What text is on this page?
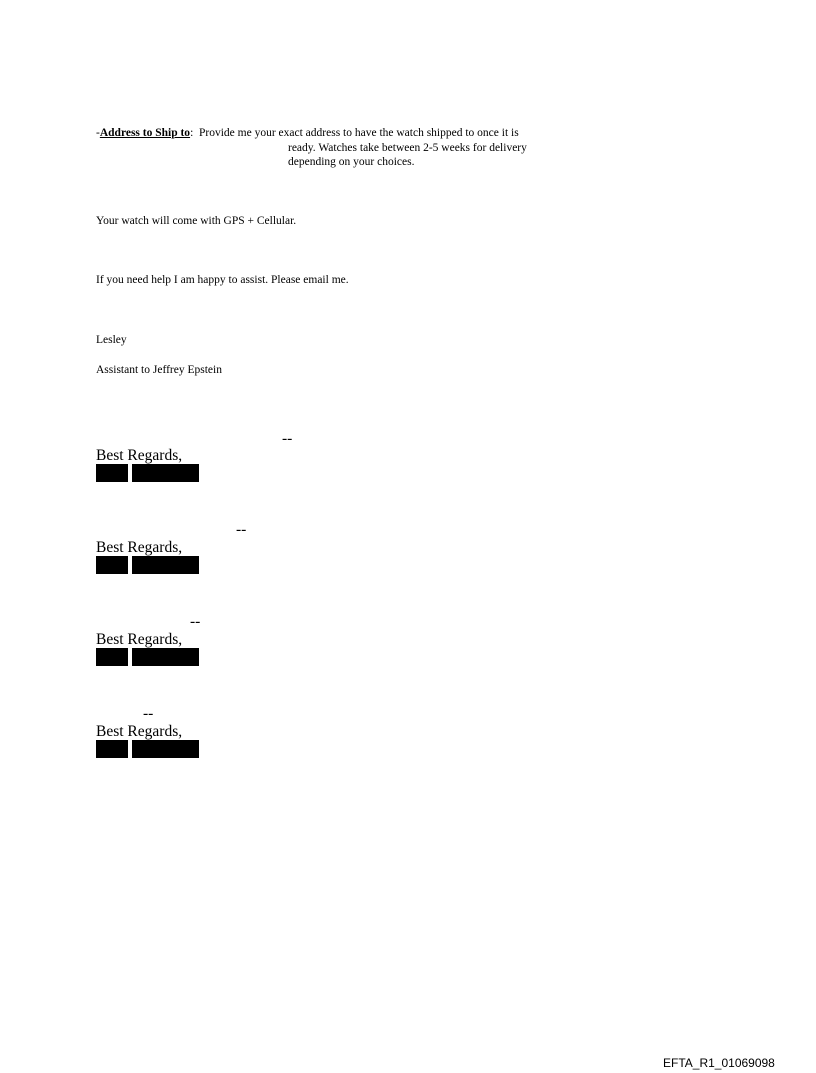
-Address to Ship to: Provide me your exact address to have the watch shipped to once it is
ready. Watches take between 2-5 weeks for delivery
depending on your choices.
Your watch will come with GPS + Cellular.
If you need help I am happy to assist. Please email me.
Lesley
Assistant to Jeffrey Epstein
--
Best Regards,
--
Best Regards,
--
Best Regards,
--
Best Regards,
EFTA_R1_01069098
